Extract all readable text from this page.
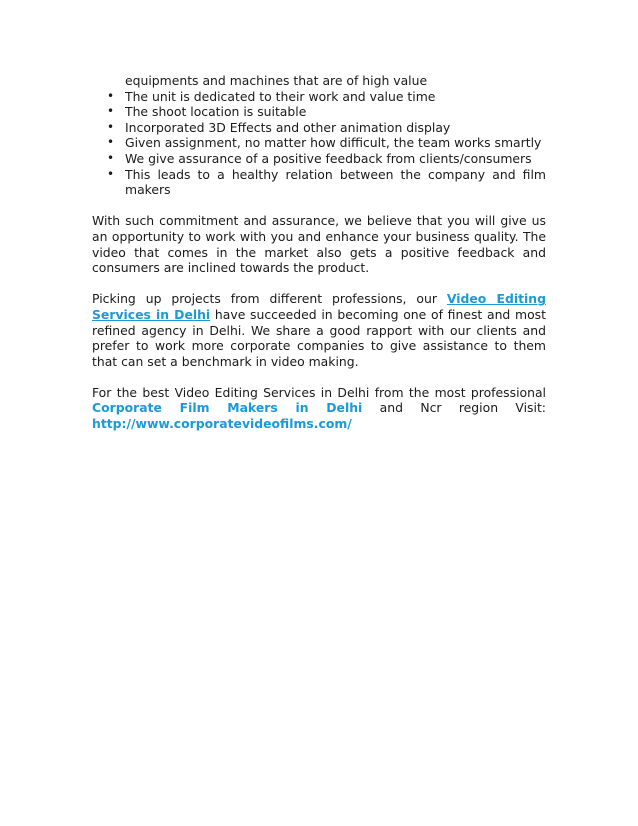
equipments and machines that are of high value
• The unit is dedicated to their work and value time
• The shoot location is suitable
• Incorporated 3D Effects and other animation display
• Given assignment, no matter how difficult, the team works smartly
• We give assurance of a positive feedback from clients/consumers
• This leads to a healthy relation between the company and film makers

With such commitment and assurance, we believe that you will give us an opportunity to work with you and enhance your business quality. The video that comes in the market also gets a positive feedback and consumers are inclined towards the product.

Picking up projects from different professions, our Video Editing Services in Delhi have succeeded in becoming one of finest and most refined agency in Delhi. We share a good rapport with our clients and prefer to work more corporate companies to give assistance to them that can set a benchmark in video making.

For the best Video Editing Services in Delhi from the most professional Corporate Film Makers in Delhi and Ncr region Visit: http://www.corporatevideofilms.com/
